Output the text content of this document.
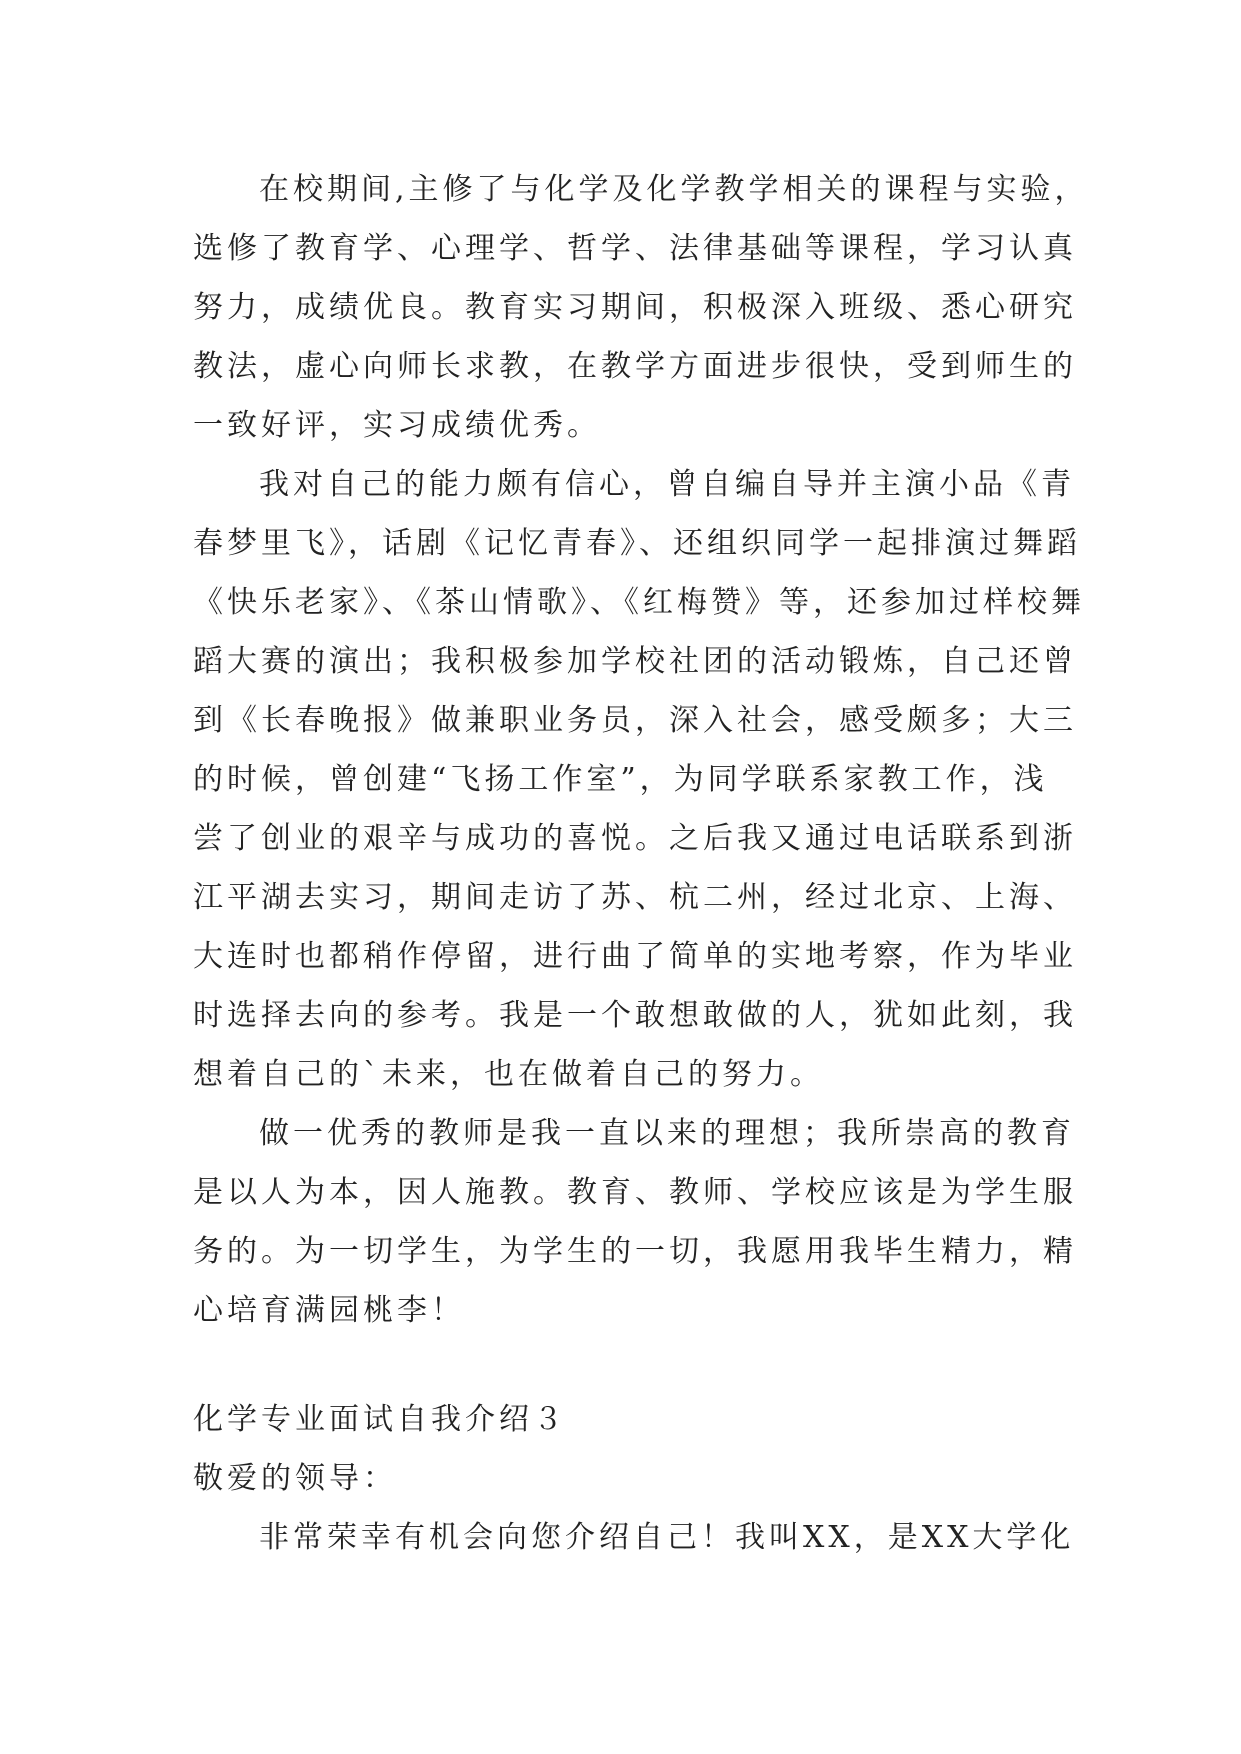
在校期间,主修了与化学及化学教学相关的课程与实验，
选修了教育学、心理学、哲学、法律基础等课程，学习认真
努力，成绩优良。教育实习期间，积极深入班级、悉心研究
教法，虚心向师长求教，在教学方面进步很快，受到师生的
一致好评，实习成绩优秀。
我对自己的能力颇有信心，曾自编自导并主演小品《青
春梦里飞》，话剧《记忆青春》、还组织同学一起排演过舞蹈
《快乐老家》、《茶山情歌》、《红梅赞》等，还参加过样校舞
蹈大赛的演出；我积极参加学校社团的活动锻炼，自己还曾
到《长春晚报》做兼职业务员，深入社会，感受颇多；大三
的时候，曾创建“飞扬工作室”，为同学联系家教工作，浅
尝了创业的艰辛与成功的喜悦。之后我又通过电话联系到浙
江平湖去实习，期间走访了苏、杭二州，经过北京、上海、
大连时也都稍作停留，进行曲了简单的实地考察，作为毕业
时选择去向的参考。我是一个敢想敢做的人，犹如此刻，我
想着自己的`未来，也在做着自己的努力。
做一优秀的教师是我一直以来的理想；我所崇高的教育
是以人为本，因人施教。教育、教师、学校应该是为学生服
务的。为一切学生，为学生的一切，我愿用我毕生精力，精
心培育满园桃李！
化学专业面试自我介绍３
敬爱的领导：
非常荣幸有机会向您介绍自己！我叫XX，是XX大学化
